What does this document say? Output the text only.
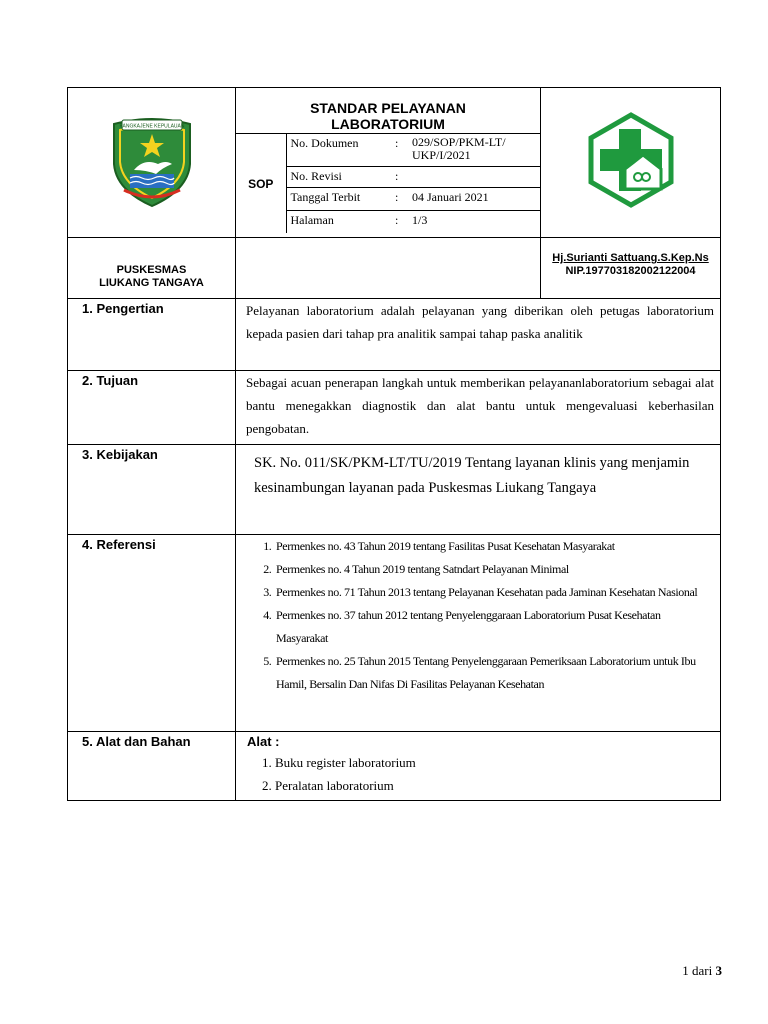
PANGKAJENE KEPULAUAN

STANDAR PELAYANAN
LABORATORIUM
SOP	No. Dokumen	:	029/SOP/PKM-LT/ UKP/I/2021
No. Revisi	:	
Tanggal Terbit	:	04 Januari 2021
Halaman	:	1/3

PUSKESMAS
LIUKANG TANGAYA

Hj.Surianti Sattuang.S.Kep.Ns
NIP.197703182002122004

1. Pengertian	Pelayanan laboratorium adalah pelayanan yang diberikan oleh petugas laboratorium kepada pasien dari tahap pra analitik sampai tahap paska analitik
2. Tujuan	Sebagai acuan penerapan langkah untuk memberikan pelayananlaboratorium sebagai alat bantu menegakkan diagnostik dan alat bantu untuk mengevaluasi keberhasilan pengobatan.
3. Kebijakan	SK. No. 011/SK/PKM-LT/TU/2019 Tentang layanan klinis yang menjamin kesinambungan layanan pada Puskesmas Liukang Tangaya
4. Referensi	
1.Permenkes no. 43 Tahun 2019 tentang Fasilitas Pusat Kesehatan Masyarakat
2. Permenkes no. 4 Tahun 2019 tentang Satndart Pelayanan Minimal
3. Permenkes no. 71 Tahun 2013 tentang Pelayanan Kesehatan pada Jaminan Kesehatan Nasional
4. Permenkes no. 37 tahun 2012 tentang Penyelenggaraan Laboratorium Pusat Kesehatan Masyarakat
5. Permenkes no. 25 Tahun 2015 Tentang Penyelenggaraan Pemeriksaan Laboratorium untuk Ibu Hamil, Bersalin Dan Nifas Di Fasilitas Pelayanan Kesehatan

5. Alat dan Bahan	Alat :
1. Buku register laboratorium
2. Peralatan laboratorium
1 dari 3
